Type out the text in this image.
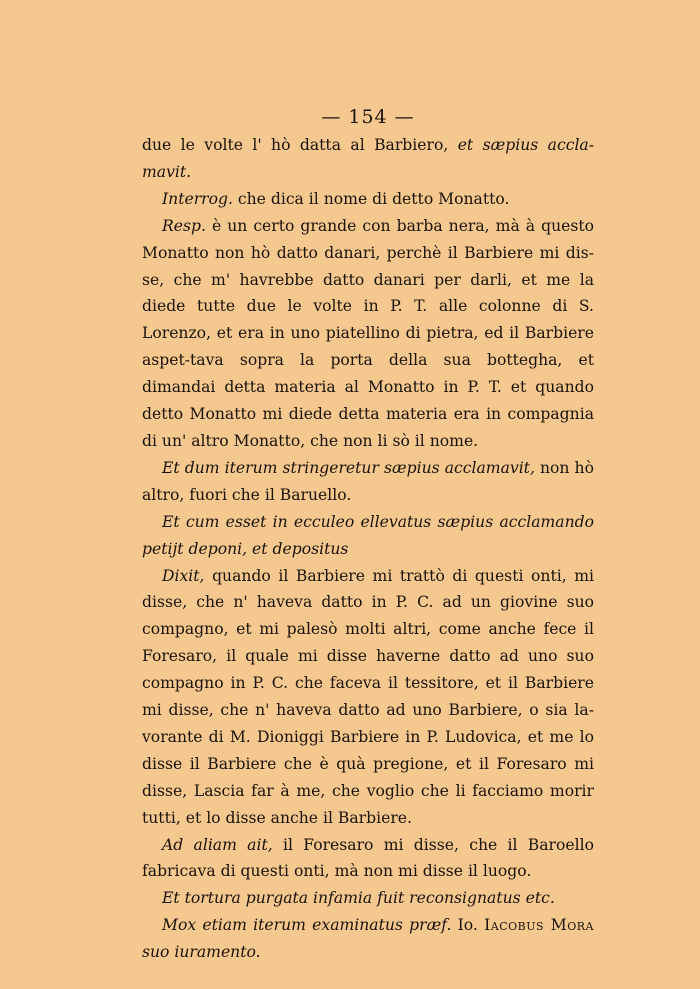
— 154 —

due le volte l' hò datta al Barbiero, et sæpius accla-mavit.

Interrog. che dica il nome di detto Monatto.

Resp. è un certo grande con barba nera, mà à questo Monatto non hò datto danari, perchè il Barbiere mi dis-se, che m' havrebbe datto danari per darli, et me la diede tutte due le volte in P. T. alle colonne di S. Lorenzo, et era in uno piatellino di pietra, ed il Barbiere aspet-tava sopra la porta della sua bottegha, et dimandai detta materia al Monatto in P. T. et quando detto Monatto mi diede detta materia era in compagnia di un' altro Monatto, che non li sò il nome.

Et dum iterum stringeretur sæpius acclamavit, non hò altro, fuori che il Baruello.

Et cum esset in ecculeo ellevatus sæpius acclamando petijt deponi, et depositus

Dixit, quando il Barbiere mi trattò di questi onti, mi disse, che n' haveva datto in P. C. ad un giovine suo compagno, et mi palesò molti altri, come anche fece il Foresaro, il quale mi disse haverne datto ad uno suo compagno in P. C. che faceva il tessitore, et il Barbiere mi disse, che n' haveva datto ad uno Barbiere, o sia la-vorante di M. Dioniggi Barbiere in P. Ludovica, et me lo disse il Barbiere che è quà pregione, et il Foresaro mi disse, Lascia far à me, che voglio che li facciamo morir tutti, et lo disse anche il Barbiere.

Ad aliam ait, il Foresaro mi disse, che il Baroello fabricava di questi onti, mà non mi disse il luogo.

Et tortura purgata infamia fuit reconsignatus etc.

Mox etiam iterum examinatus præf. Io. Iacobus Mora suo iuramento.
